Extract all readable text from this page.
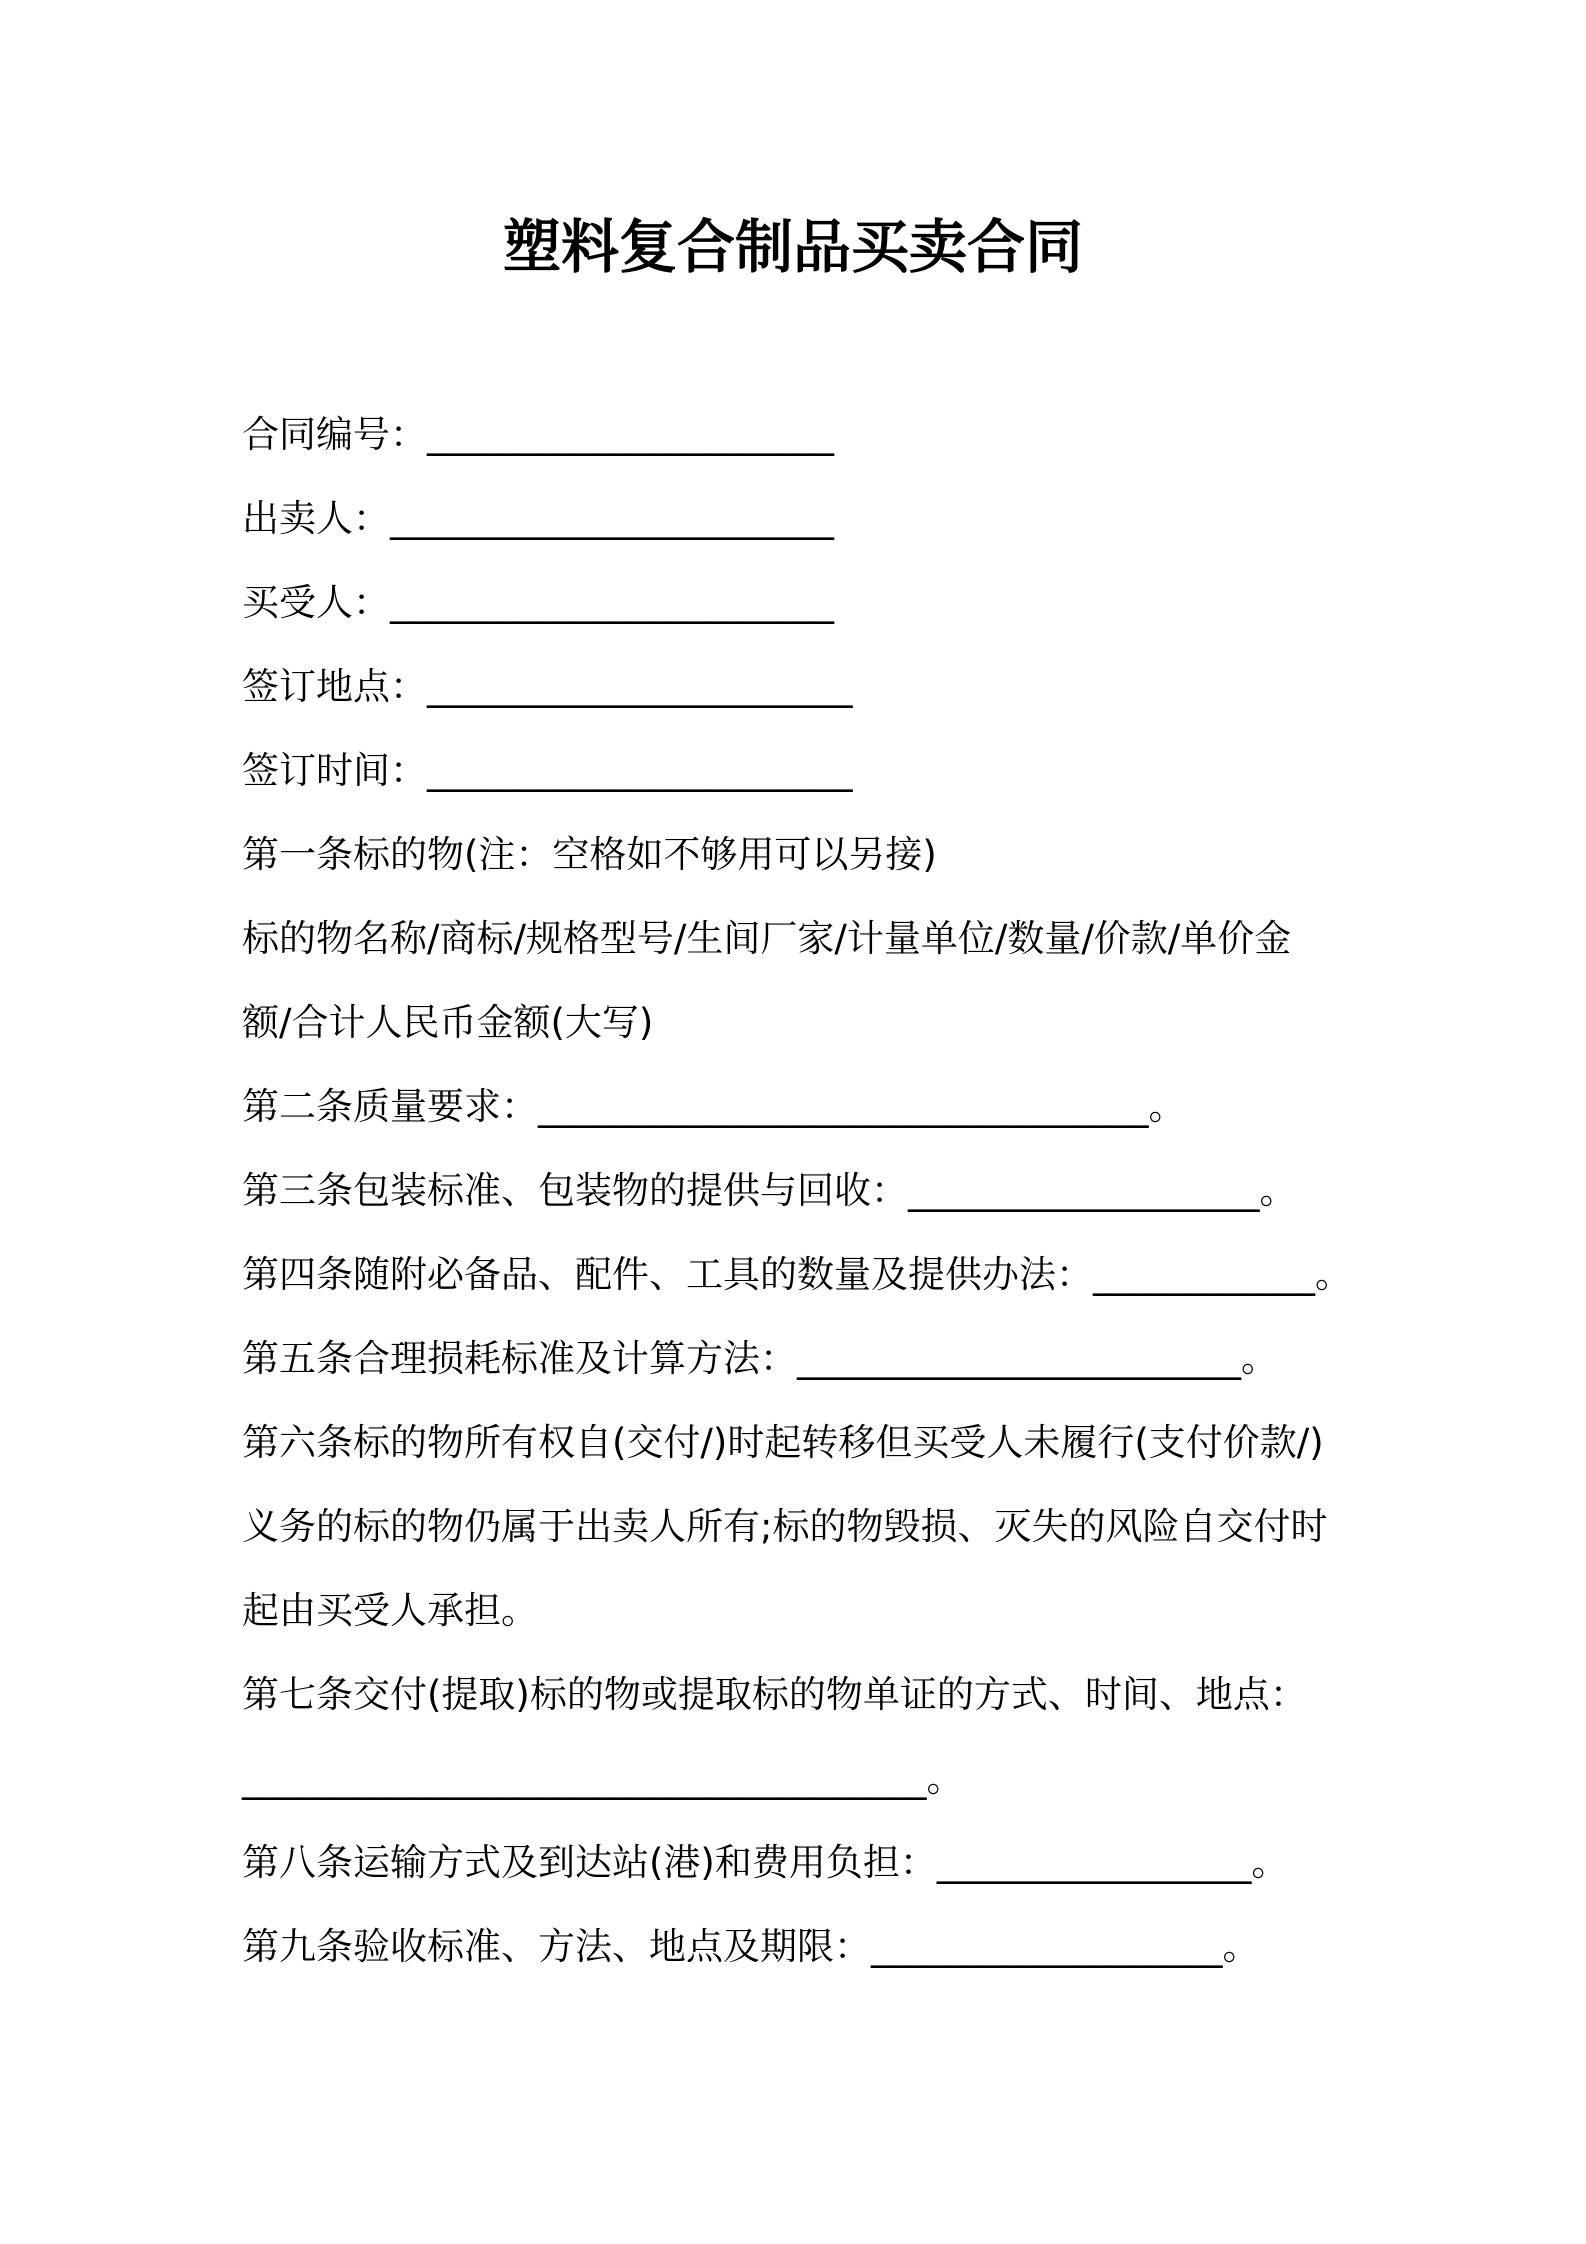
塑料复合制品买卖合同
合同编号：______________________
出卖人：________________________
买受人：________________________
签订地点：_______________________
签订时间：_______________________
第一条标的物(注：空格如不够用可以另接)
标的物名称/商标/规格型号/生间厂家/计量单位/数量/价款/单价金
额/合计人民币金额(大写)
第二条质量要求：_________________________________。
第三条包装标准、包装物的提供与回收：___________________。
第四条随附必备品、配件、工具的数量及提供办法：____________。
第五条合理损耗标准及计算方法：________________________。
第六条标的物所有权自(交付/)时起转移但买受人未履行(支付价款/)
义务的标的物仍属于出卖人所有;标的物毁损、灭失的风险自交付时
起由买受人承担。
第七条交付(提取)标的物或提取标的物单证的方式、时间、地点：
_____________________________________。
第八条运输方式及到达站(港)和费用负担：_________________。
第九条验收标准、方法、地点及期限：___________________。
